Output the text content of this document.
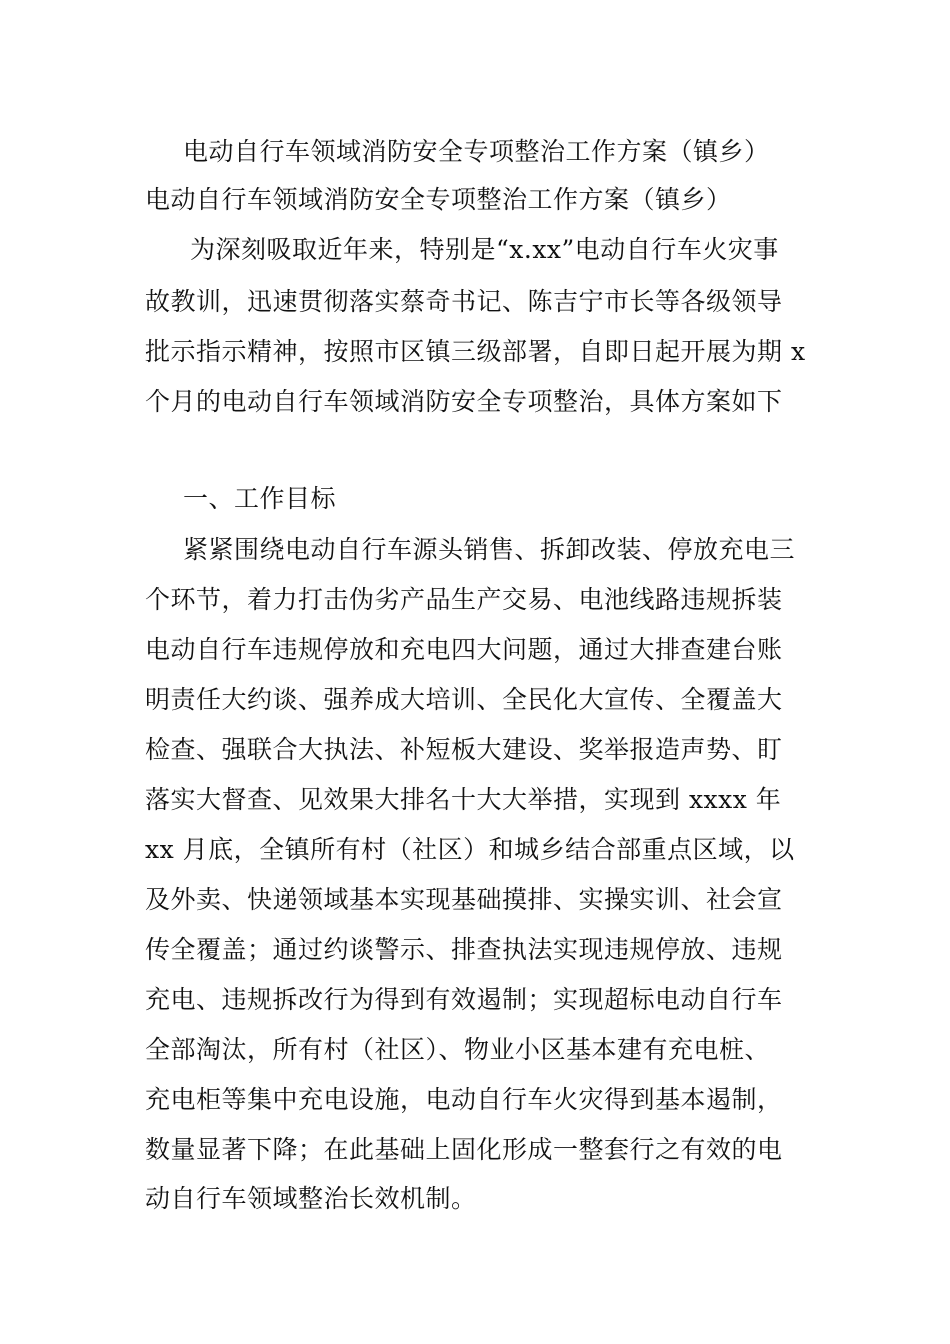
电动自行车领域消防安全专项整治工作方案（镇乡）
电动自行车领域消防安全专项整治工作方案（镇乡）
为深刻吸取近年来，特别是“x.xx”电动自行车火灾事
故教训，迅速贯彻落实蔡奇书记、陈吉宁市长等各级领导
批示指示精神，按照市区镇三级部署，自即日起开展为期 x
个月的电动自行车领域消防安全专项整治，具体方案如下
一、工作目标
紧紧围绕电动自行车源头销售、拆卸改装、停放充电三
个环节，着力打击伪劣产品生产交易、电池线路违规拆装
电动自行车违规停放和充电四大问题，通过大排查建台账
明责任大约谈、强养成大培训、全民化大宣传、全覆盖大
检查、强联合大执法、补短板大建设、奖举报造声势、盯
落实大督查、见效果大排名十大大举措，实现到 xxxx 年
xx 月底，全镇所有村（社区）和城乡结合部重点区域，以
及外卖、快递领域基本实现基础摸排、实操实训、社会宣
传全覆盖；通过约谈警示、排查执法实现违规停放、违规
充电、违规拆改行为得到有效遏制；实现超标电动自行车
全部淘汰，所有村（社区）、物业小区基本建有充电桩、
充电柜等集中充电设施，电动自行车火灾得到基本遏制，
数量显著下降；在此基础上固化形成一整套行之有效的电
动自行车领域整治长效机制。
